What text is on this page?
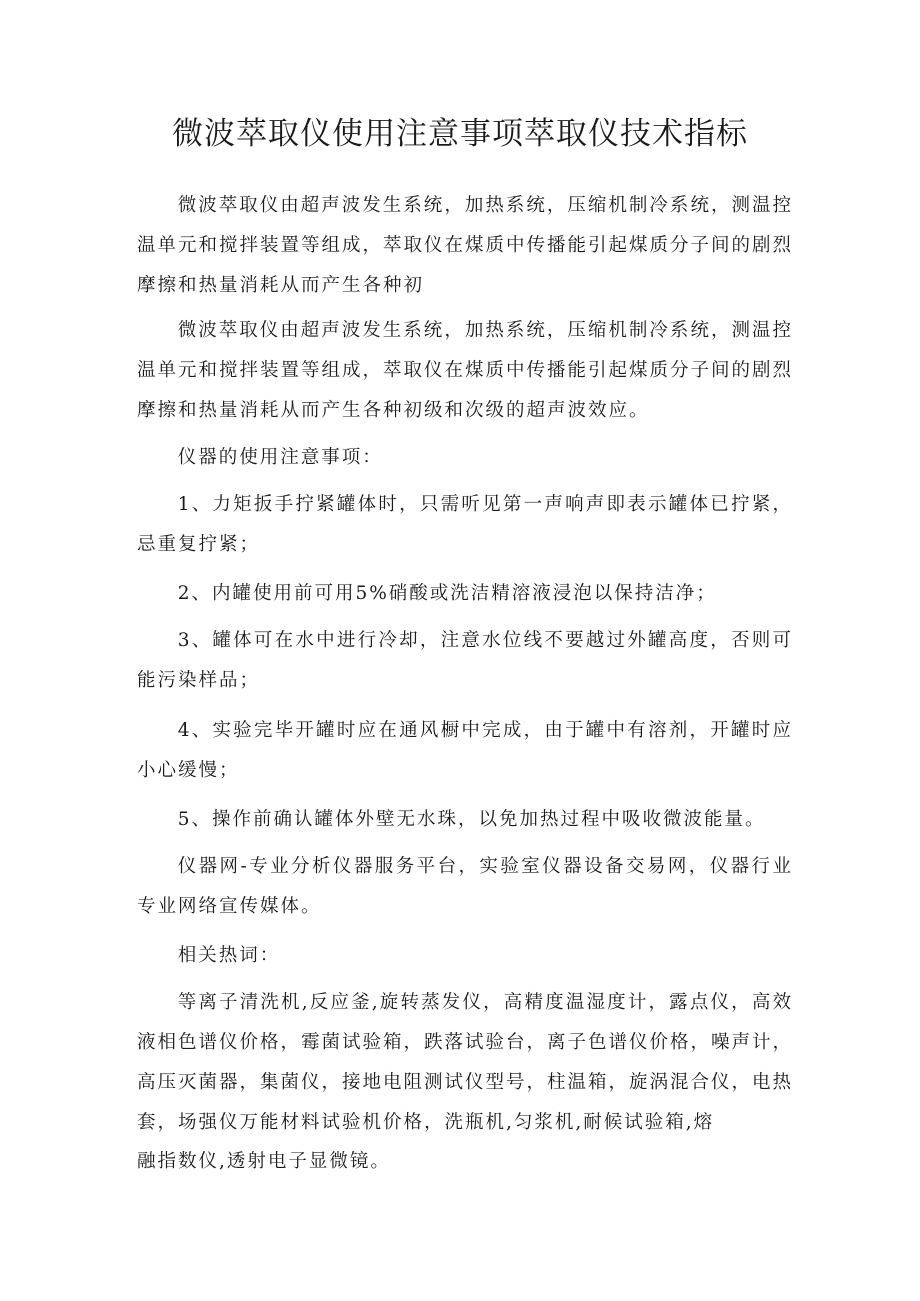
微波萃取仪使用注意事项萃取仪技术指标

微波萃取仪由超声波发生系统，加热系统，压缩机制冷系统，测温控温单元和搅拌装置等组成，萃取仪在煤质中传播能引起煤质分子间的剧烈摩擦和热量消耗从而产生各种初

微波萃取仪由超声波发生系统，加热系统，压缩机制冷系统，测温控温单元和搅拌装置等组成，萃取仪在煤质中传播能引起煤质分子间的剧烈摩擦和热量消耗从而产生各种初级和次级的超声波效应。

仪器的使用注意事项：

1、力矩扳手拧紧罐体时，只需听见第一声响声即表示罐体已拧紧，忌重复拧紧；

2、内罐使用前可用5%硝酸或洗洁精溶液浸泡以保持洁净；

3、罐体可在水中进行冷却，注意水位线不要越过外罐高度，否则可能污染样品；

4、实验完毕开罐时应在通风橱中完成，由于罐中有溶剂，开罐时应小心缓慢；

5、操作前确认罐体外壁无水珠，以免加热过程中吸收微波能量。

仪器网-专业分析仪器服务平台，实验室仪器设备交易网，仪器行业专业网络宣传媒体。

相关热词：

等离子清洗机,反应釜,旋转蒸发仪，高精度温湿度计，露点仪，高效液相色谱仪价格，霉菌试验箱，跌落试验台，离子色谱仪价格，噪声计，高压灭菌器，集菌仪，接地电阻测试仪型号，柱温箱，旋涡混合仪，电热套，场强仪万能材料试验机价格，洗瓶机,匀浆机,耐候试验箱,熔

融指数仪,透射电子显微镜。
